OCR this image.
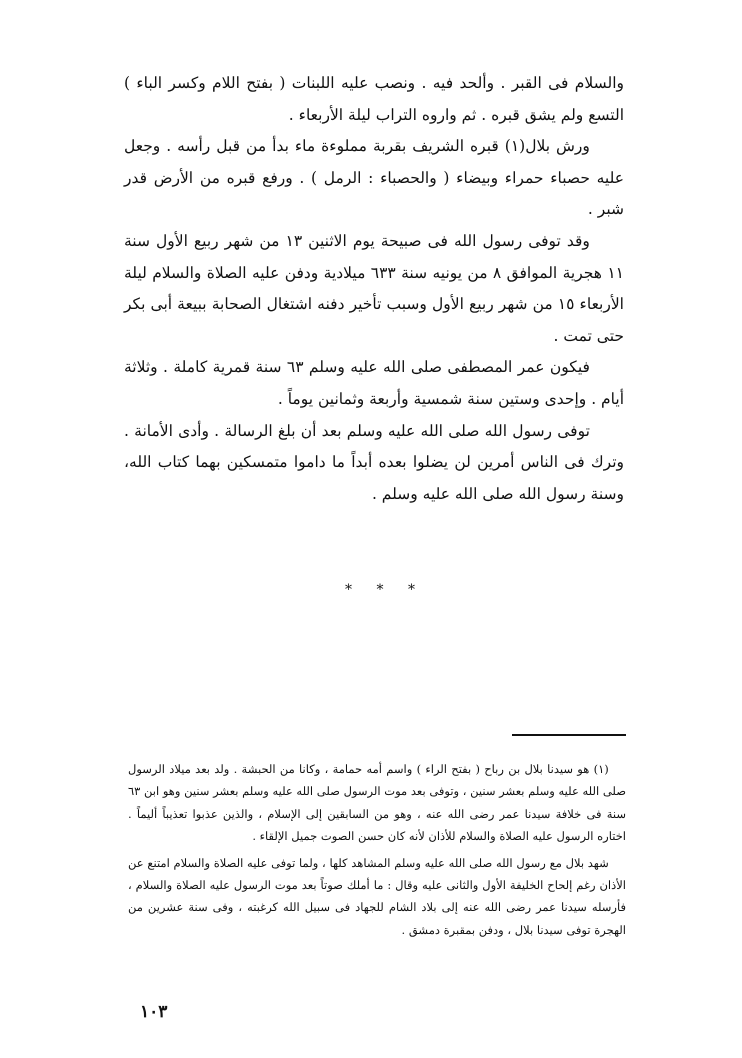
والسلام فى القبر . وألحد فيه . ونصب عليه اللبنات ( بفتح اللام وكسر الباء ) التسع ولم يشق قبره . ثم واروه التراب ليلة الأربعاء .

ورش بلال(١) قبره الشريف بقربة مملوءة ماء بدأ من قبل رأسه . وجعل عليه حصباء حمراء وبيضاء ( والحصباء : الرمل ) . ورفع قبره من الأرض قدر شبر .

وقد توفى رسول الله فى صبيحة يوم الاثنين ١٣ من شهر ربيع الأول سنة ١١ هجرية الموافق ٨ من يونيه سنة ٦٣٣ ميلادية ودفن عليه الصلاة والسلام ليلة الأربعاء ١٥ من شهر ربيع الأول وسبب تأخير دفنه اشتغال الصحابة ببيعة أبى بكر حتى تمت .

فيكون عمر المصطفى صلى الله عليه وسلم ٦٣ سنة قمرية كاملة . وثلاثة أيام . وإحدى وستين سنة شمسية وأربعة وثمانين يوماً .

توفى رسول الله صلى الله عليه وسلم بعد أن بلغ الرسالة . وأدى الأمانة . وترك فى الناس أمرين لن يضلوا بعده أبداً ما داموا متمسكين بهما كتاب الله، وسنة رسول الله صلى الله عليه وسلم .

* * *

(١) هو سيدنا بلال بن رباح ( بفتح الراء ) واسم أمه حمامة ، وكانا من الحبشة . ولد بعد ميلاد الرسول صلى الله عليه وسلم بعشر سنين ، وتوفى بعد موت الرسول صلى الله عليه وسلم بعشر سنين وهو ابن ٦٣ سنة فى خلافة سيدنا عمر رضى الله عنه ، وهو من السابقين إلى الإسلام ، والذين عذبوا تعذيباً أليماً . اختاره الرسول عليه الصلاة والسلام للأذان لأنه كان حسن الصوت جميل الإلقاء .

شهد بلال مع رسول الله صلى الله عليه وسلم المشاهد كلها ، ولما توفى عليه الصلاة والسلام امتنع عن الأذان رغم إلحاح الخليفة الأول والثانى عليه وقال : ما أملك صوتاً بعد موت الرسول عليه الصلاة والسلام ، فأرسله سيدنا عمر رضى الله عنه إلى بلاد الشام للجهاد فى سبيل الله كرغبته ، وفى سنة عشرين من الهجرة توفى سيدنا بلال ، ودفن بمقبرة دمشق .

١٠٣
